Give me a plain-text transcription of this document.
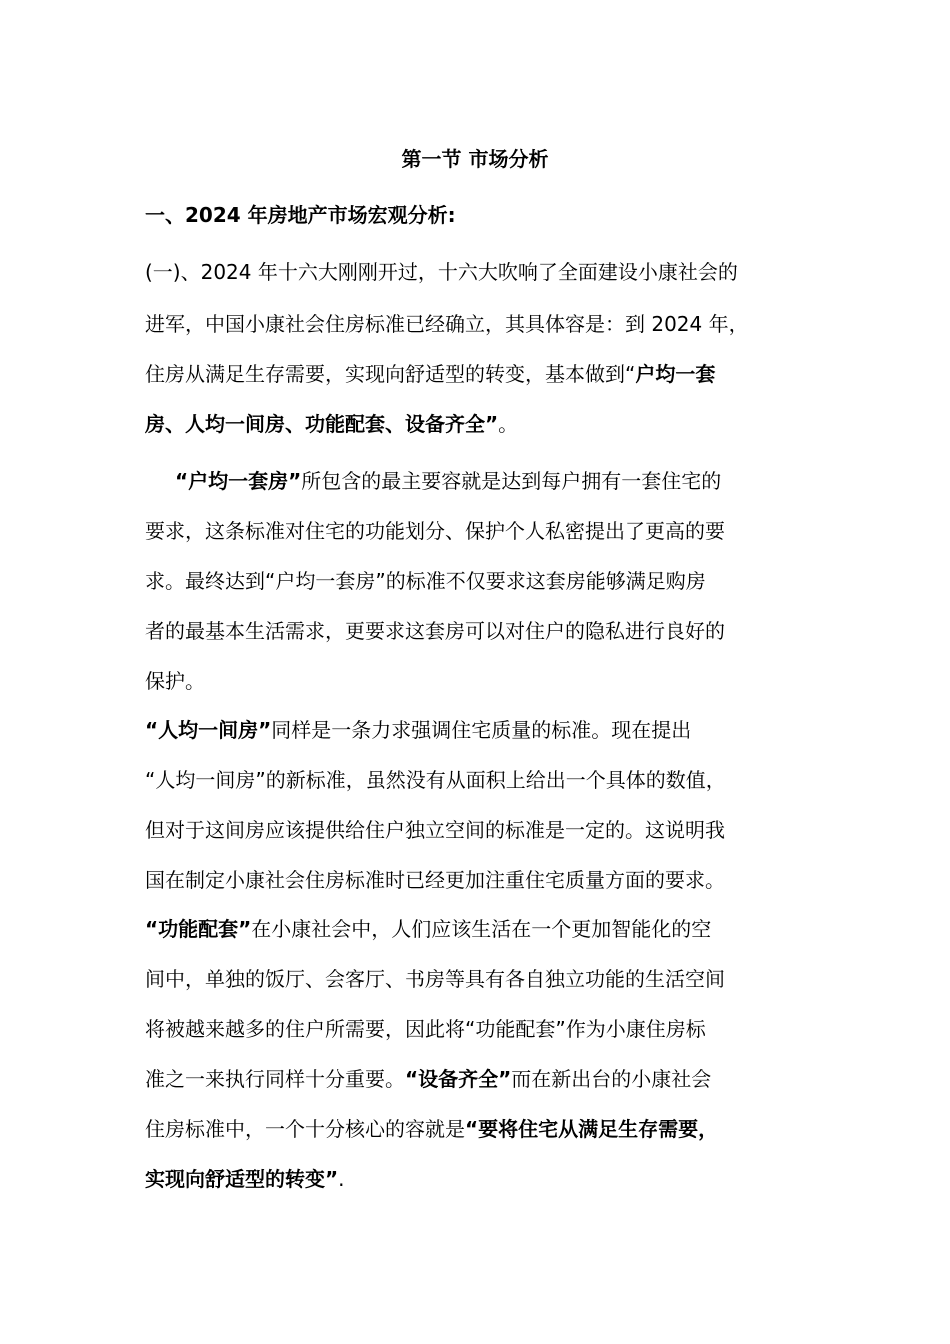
第一节 市场分析
一、2024 年房地产市场宏观分析:
(一)、2024 年十六大刚刚开过，十六大吹响了全面建设小康社会的
进军，中国小康社会住房标准已经确立，其具体容是：到 2024 年，
住房从满足生存需要，实现向舒适型的转变，基本做到“户均一套
房、人均一间房、功能配套、设备齐全”。
“户均一套房”所包含的最主要容就是达到每户拥有一套住宅的
要求，这条标准对住宅的功能划分、保护个人私密提出了更高的要
求。最终达到“户均一套房”的标准不仅要求这套房能够满足购房
者的最基本生活需求，更要求这套房可以对住户的隐私进行良好的
保护。
“人均一间房”同样是一条力求强调住宅质量的标准。现在提出
“人均一间房”的新标准，虽然没有从面积上给出一个具体的数值，
但对于这间房应该提供给住户独立空间的标准是一定的。这说明我
国在制定小康社会住房标准时已经更加注重住宅质量方面的要求。
“功能配套”在小康社会中，人们应该生活在一个更加智能化的空
间中，单独的饭厅、会客厅、书房等具有各自独立功能的生活空间
将被越来越多的住户所需要，因此将“功能配套”作为小康住房标
准之一来执行同样十分重要。“设备齐全”而在新出台的小康社会
住房标准中，一个十分核心的容就是“要将住宅从满足生存需要，
实现向舒适型的转变”.
